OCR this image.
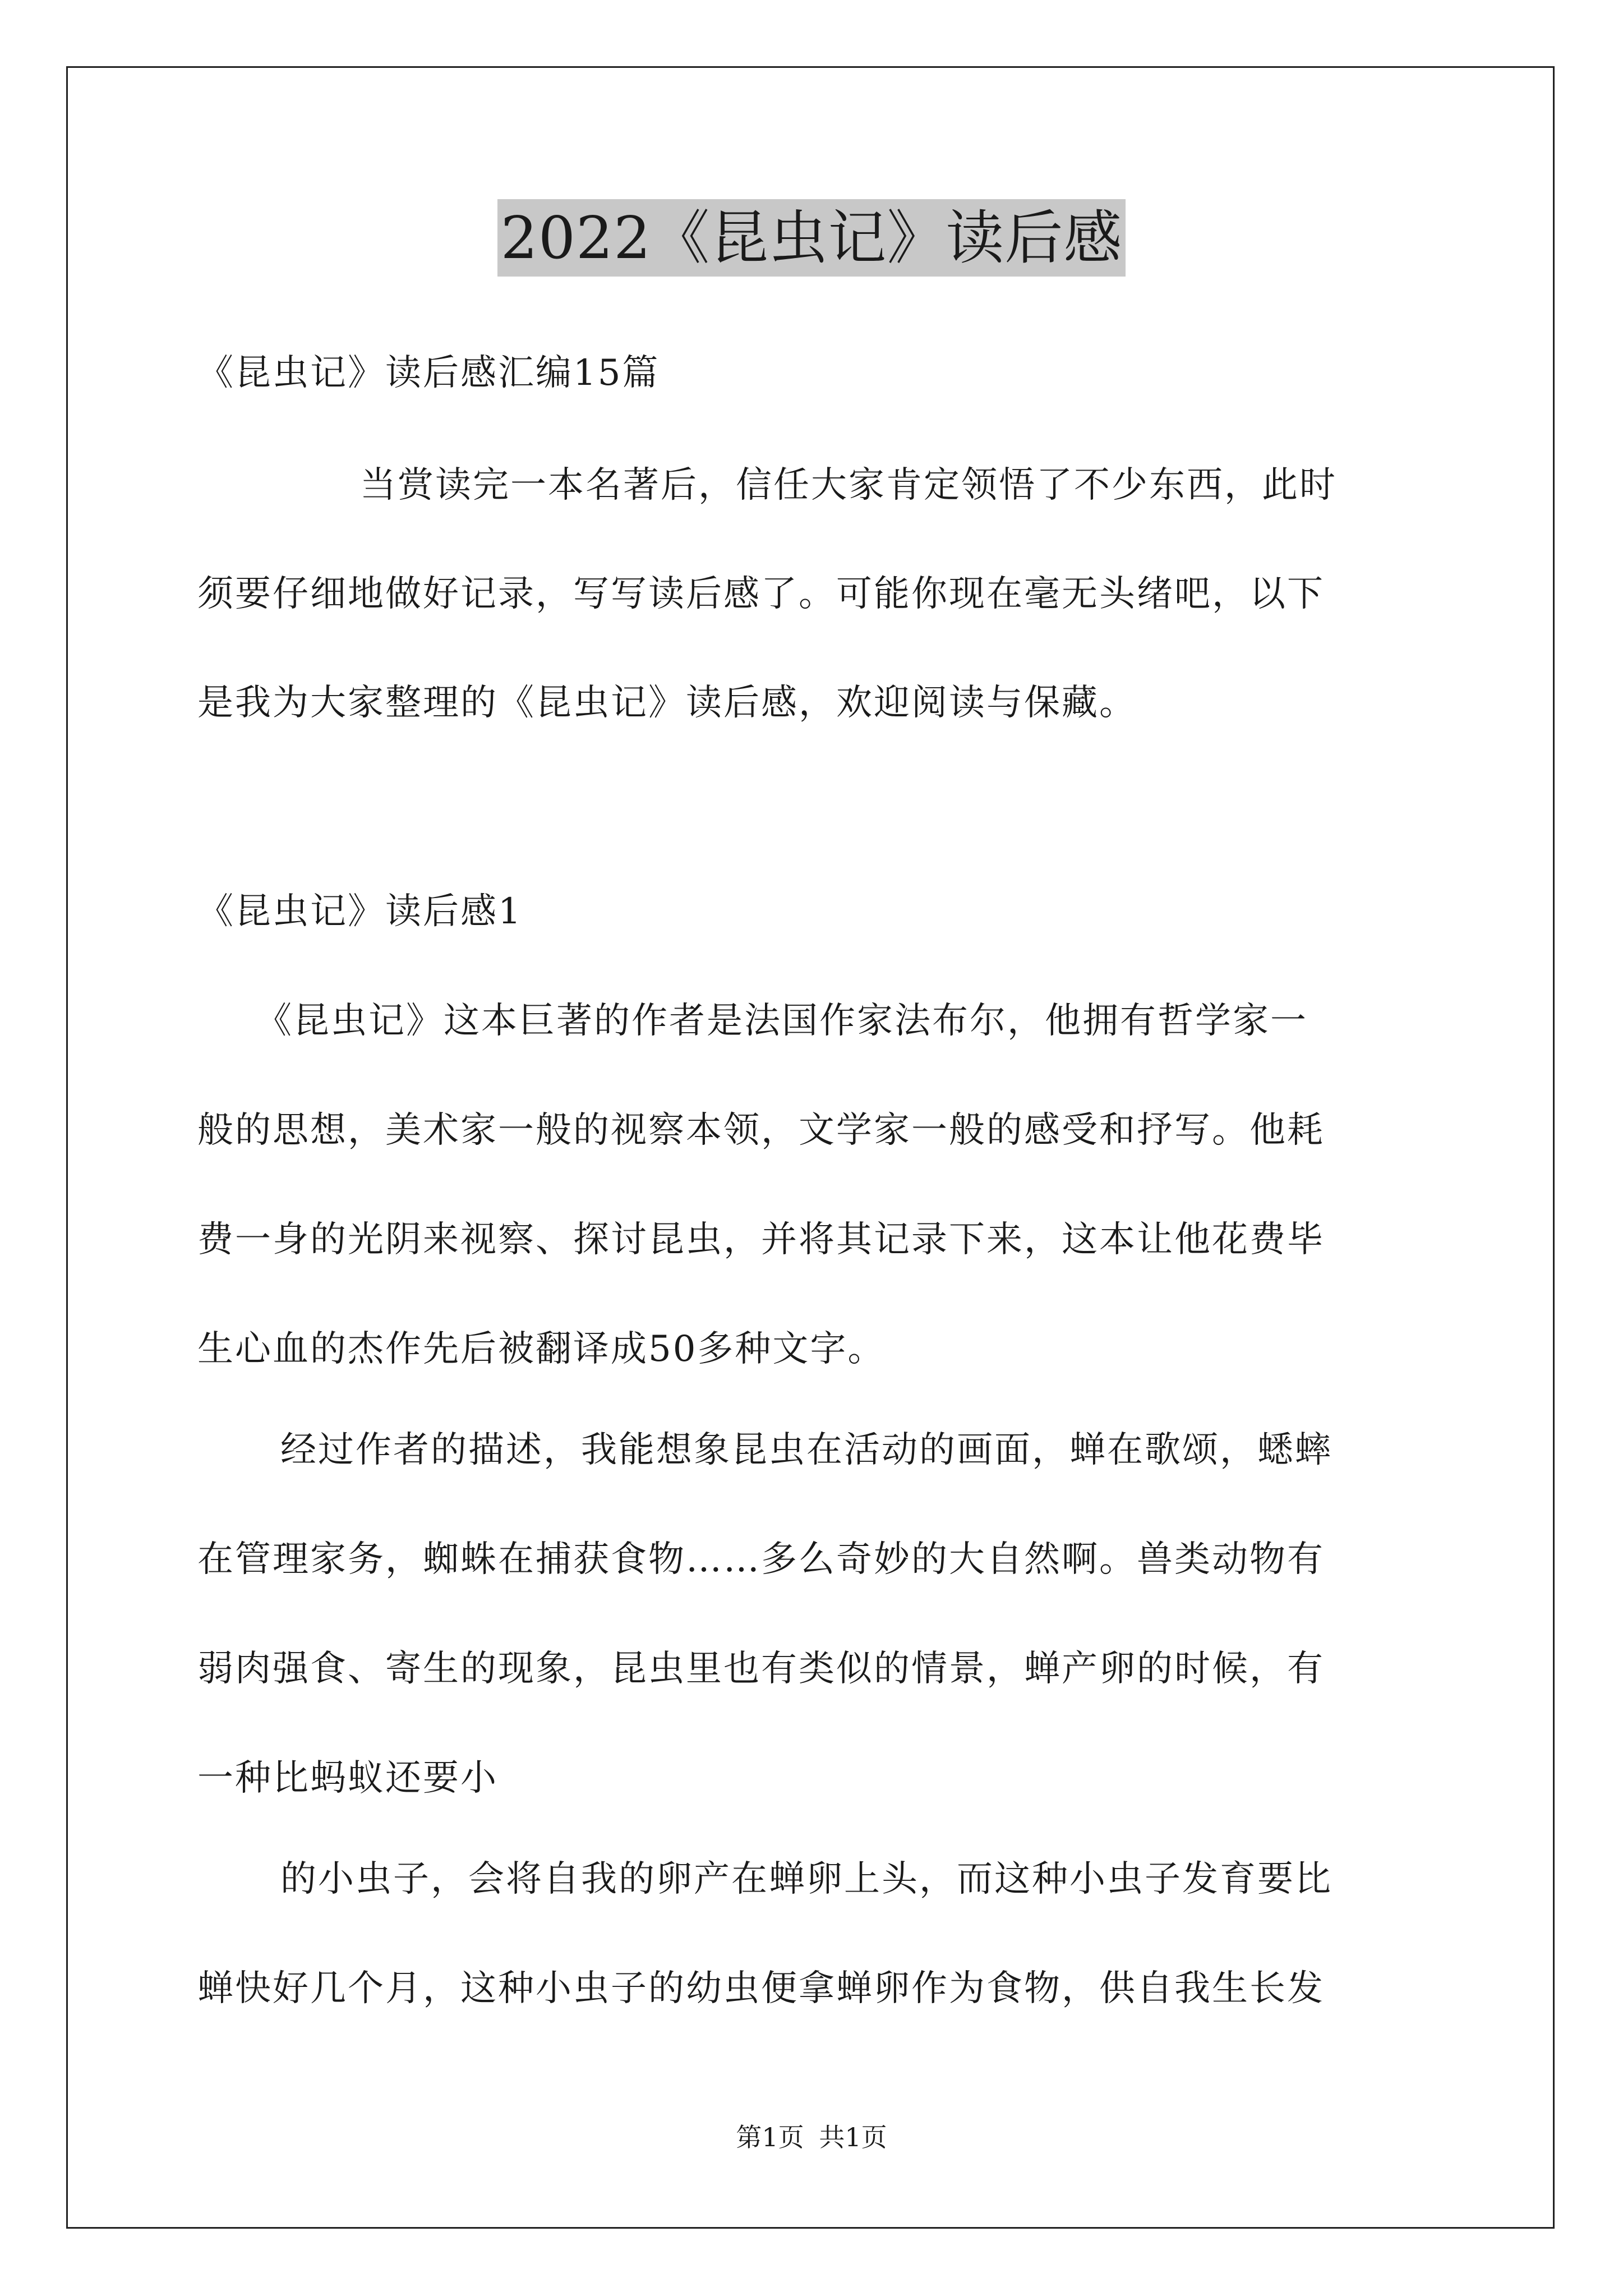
2022《昆虫记》读后感
《昆虫记》读后感汇编15篇
当赏读完一本名著后，信任大家肯定领悟了不少东西，此时
须要仔细地做好记录，写写读后感了。可能你现在毫无头绪吧，以下
是我为大家整理的《昆虫记》读后感，欢迎阅读与保藏。
《昆虫记》读后感1
《昆虫记》这本巨著的作者是法国作家法布尔，他拥有哲学家一
般的思想，美术家一般的视察本领，文学家一般的感受和抒写。他耗
费一身的光阴来视察、探讨昆虫，并将其记录下来，这本让他花费毕
生心血的杰作先后被翻译成50多种文字。
经过作者的描述，我能想象昆虫在活动的画面，蝉在歌颂，蟋蟀
在管理家务，蜘蛛在捕获食物……多么奇妙的大自然啊。兽类动物有
弱肉强食、寄生的现象，昆虫里也有类似的情景，蝉产卵的时候，有
一种比蚂蚁还要小
的小虫子，会将自我的卵产在蝉卵上头，而这种小虫子发育要比
蝉快好几个月，这种小虫子的幼虫便拿蝉卵作为食物，供自我生长发
第1页 共1页
